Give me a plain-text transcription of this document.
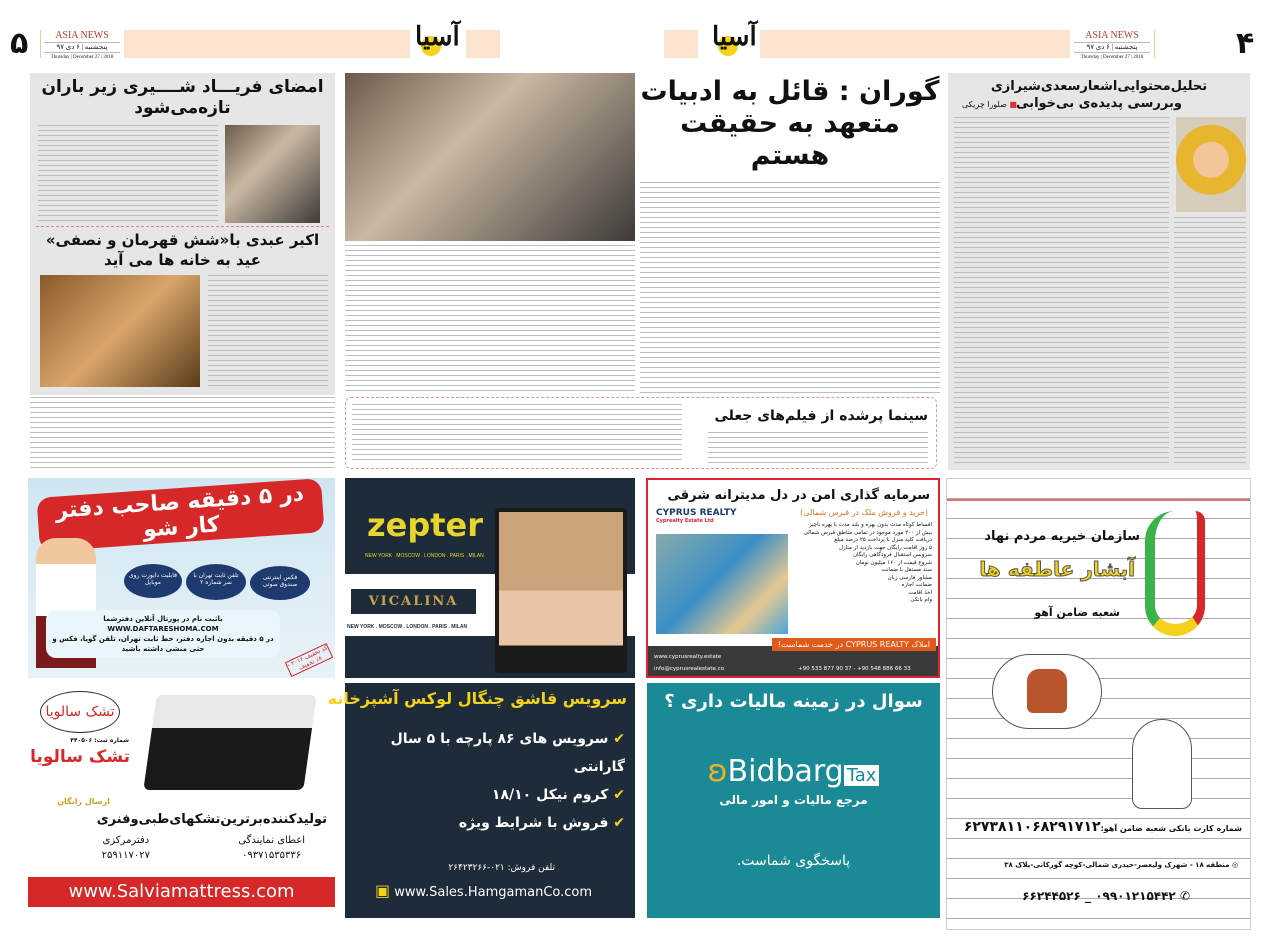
۵	ASIA NEWS
پنجشنبه | ۶ دی ۹۷
Thursday | December 27 | 2018
آسیا	آسیا	ASIA NEWS
پنجشنبه | ۶ دی ۹۷
Thursday | December 27 | 2018	۴
امضای فریـــاد شــــیری زیر باران تازه‌می‌شود
اکبر عبدی با«شش قهرمان و نصفی»
عید به خانه ها می آید
سینما پرشده از فیلم‌های جعلی
گوران : قائل به ادبیات
متعهد به حقیقت هستم
تحلیل‌محتوایی‌اشعار‌سعدی‌شیرازی
و‌بررسی پدیده‌ی بی‌خوابی
■ صلورا چریکی
در ۵ دقیقه صاحب دفتر کار شو
فکس اینترنتی صندوق صوتی
تلفن ثابت تهران با سر شماره ۲
قابلیت دایورت روی موبایل
باثبت نام در پورتال آنلاین دفترشما WWW.DAFTARESHOMA.COM
در ۵ دقیقه بدون اجاره دفتر، خط ثابت تهران، تلفن گویا، فکس و
حتی منشی داشته باشید
کد تخفیف ۲۰۱۶ - ۸٪ تخفیف
zepter
NEW YORK . MOSCOW . LONDON . PARIS . MILAN
VICALINA
NEW YORK . MOSCOW . LONDON . PARIS . MILAN
سرمایه گذاری امن در دل مدیترانه شرقی
(خرید و فروش ملک در قبرس شمالی)
CYPRUS REALTY
Cyprealty Estate Ltd
اقساط کوتاه مدت بدون بهره و بلند مدت با بهره ناچیز
بیش از ۲۰۰ مورد موجود در تمامی مناطق قبرس شمالی
دریافت کلید منزل با پرداخت ۲۵ درصد مبلغ
۵ روز اقامت رایگان جهت بازدید از منازل
سرویس استقبال فرودگاهی رایگان
شروع قیمت از ۱۶۰ میلیون تومان
سند مستقل با ضمانت
مشاور فارسی زبان
ضمانت اجاره
اخذ اقامت
وام بانکی
املاک CYPRUS REALTY در خدمت شماست!
www.cyprusrealty.estate
info@cyprusrealestate.co	+90 533 877 90 37 - +90 548 886 66 33
سازمان خیریه مردم نهاد
آبشار عاطفه ها
شعبه ضامن آهو
شماره کارت بانکی شعبه ضامن آهو:۶۲۷۳۸۱۱۰۶۸۲۹۱۷۱۲
◎ منطقه ۱۸ - شهرک ولیعصر-حیدری شمالی-کوچه گورکانی-پلاک ۳۸
✆ ۰۹۹۰۱۲۱۵۴۴۲ _ ۶۶۲۴۴۵۲۶
تشک سالویا
شماره ثبت: ۴۴۰۵۰۶
تشک سالویا
ارسال رایگان
تولیدکننده‌برترین‌تشکهای‌طبی‌وفنری
اعطای نمایندگی
۰۹۳۷۱۵۳۵۳۳۶
دفترمرکزی
۲۵۹۱۱۷۰۲۷
www.Salviamattress.com
سرویس قاشق چنگال لوکس آشپزخانه
✔ سرویس های ۸۶ پارچه با ۵ سال گارانتی
✔ کروم نیکل ۱۸/۱۰
✔ فروش با شرایط ویژه
تلفن فروش: ۰۲۱-۲۶۴۲۳۲۶۶
▣ www.Sales.HamgamanCo.com
سوال در زمینه مالیات داری ؟
ʚBidbarg Tax
مرجع مالیات و امور مالی
پاسخگوی شماست.
